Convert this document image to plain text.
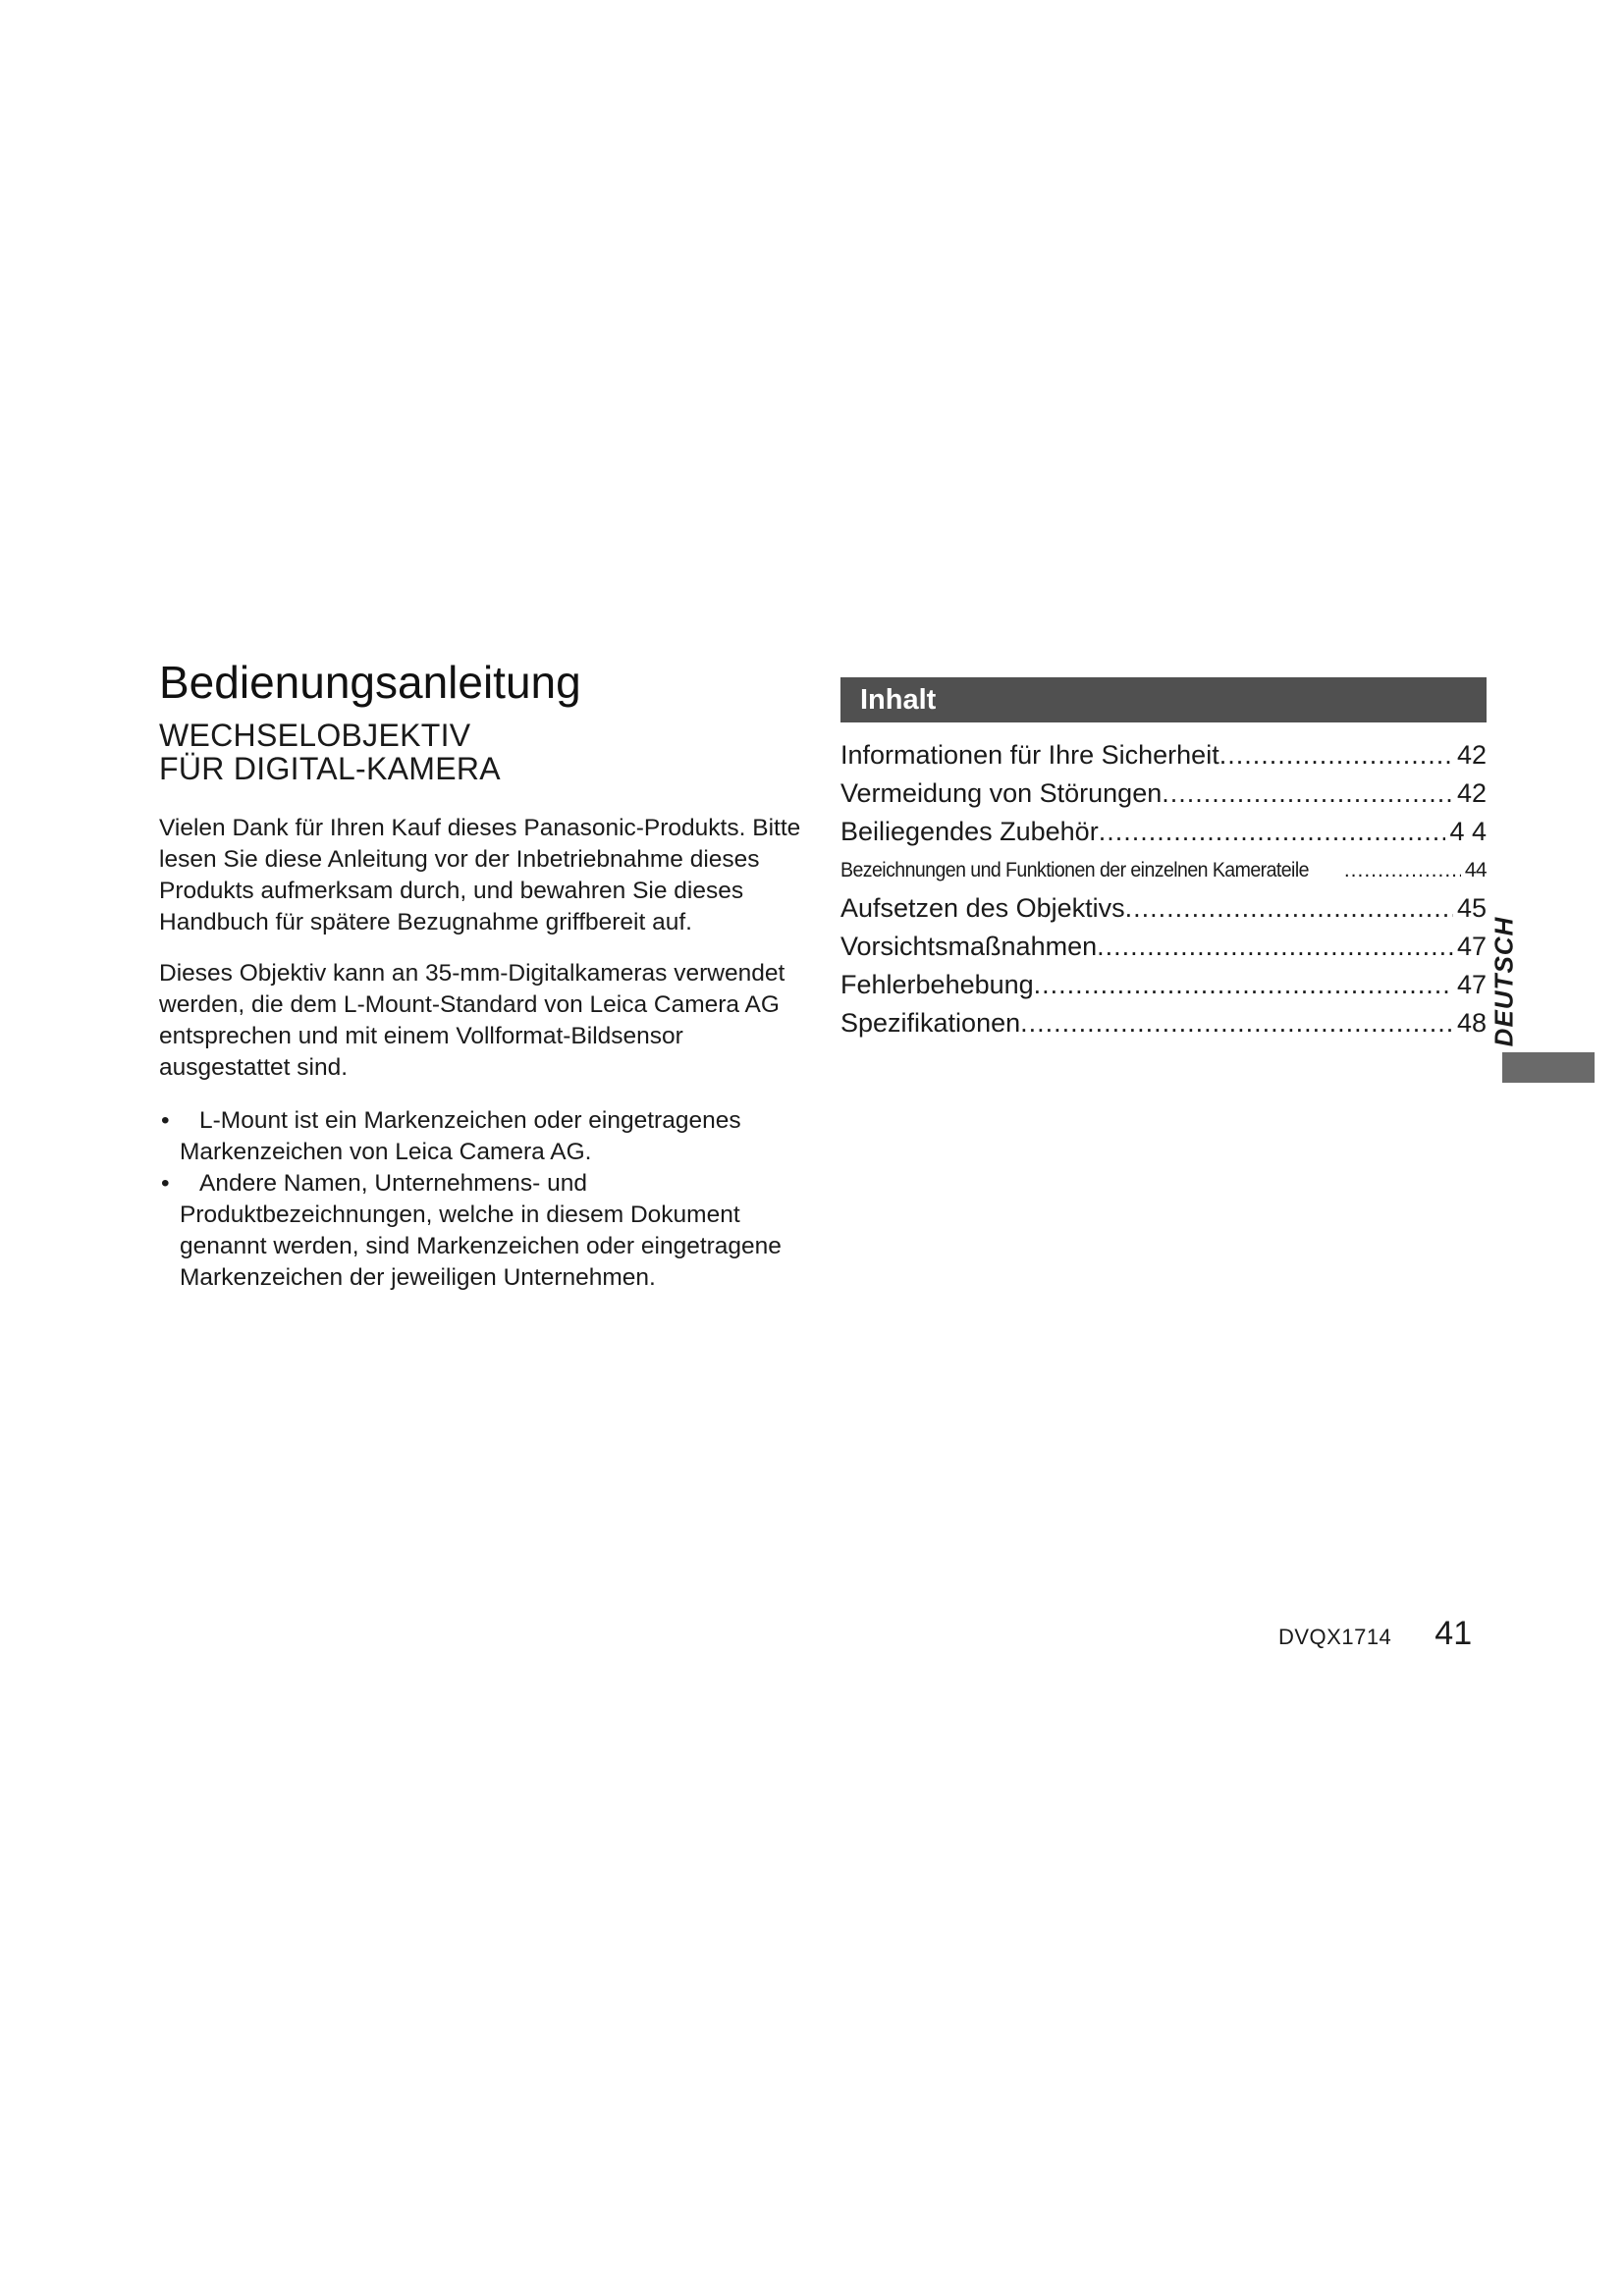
Bedienungsanleitung
WECHSELOBJEKTIV
FÜR DIGITAL-KAMERA

Vielen Dank für Ihren Kauf dieses Panasonic-Produkts. Bitte lesen Sie diese Anleitung vor der Inbetriebnahme dieses Produkts aufmerksam durch, und bewahren Sie dieses Handbuch für spätere Bezugnahme griffbereit auf.

Dieses Objektiv kann an 35-mm-Digitalkameras verwendet werden, die dem L-Mount-Standard von Leica Camera AG entsprechen und mit einem Vollformat-Bildsensor ausgestattet sind.

• L-Mount ist ein Markenzeichen oder eingetragenes Markenzeichen von Leica Camera AG.
• Andere Namen, Unternehmens- und Produktbezeichnungen, welche in diesem Dokument genannt werden, sind Markenzeichen oder eingetragene Markenzeichen der jeweiligen Unternehmen.
Inhalt
Informationen für Ihre Sicherheit .....	42
Vermeidung von Störungen .....	42
Beiliegendes Zubehör .....	4 4
Bezeichnungen und Funktionen der einzelnen Kamerateile .....	44
Aufsetzen des Objektivs .....	45
Vorsichtsmaßnahmen .....	47
Fehlerbehebung .....	47
Spezifikationen .....	48 DEUTSCH
DVQX1714 41
